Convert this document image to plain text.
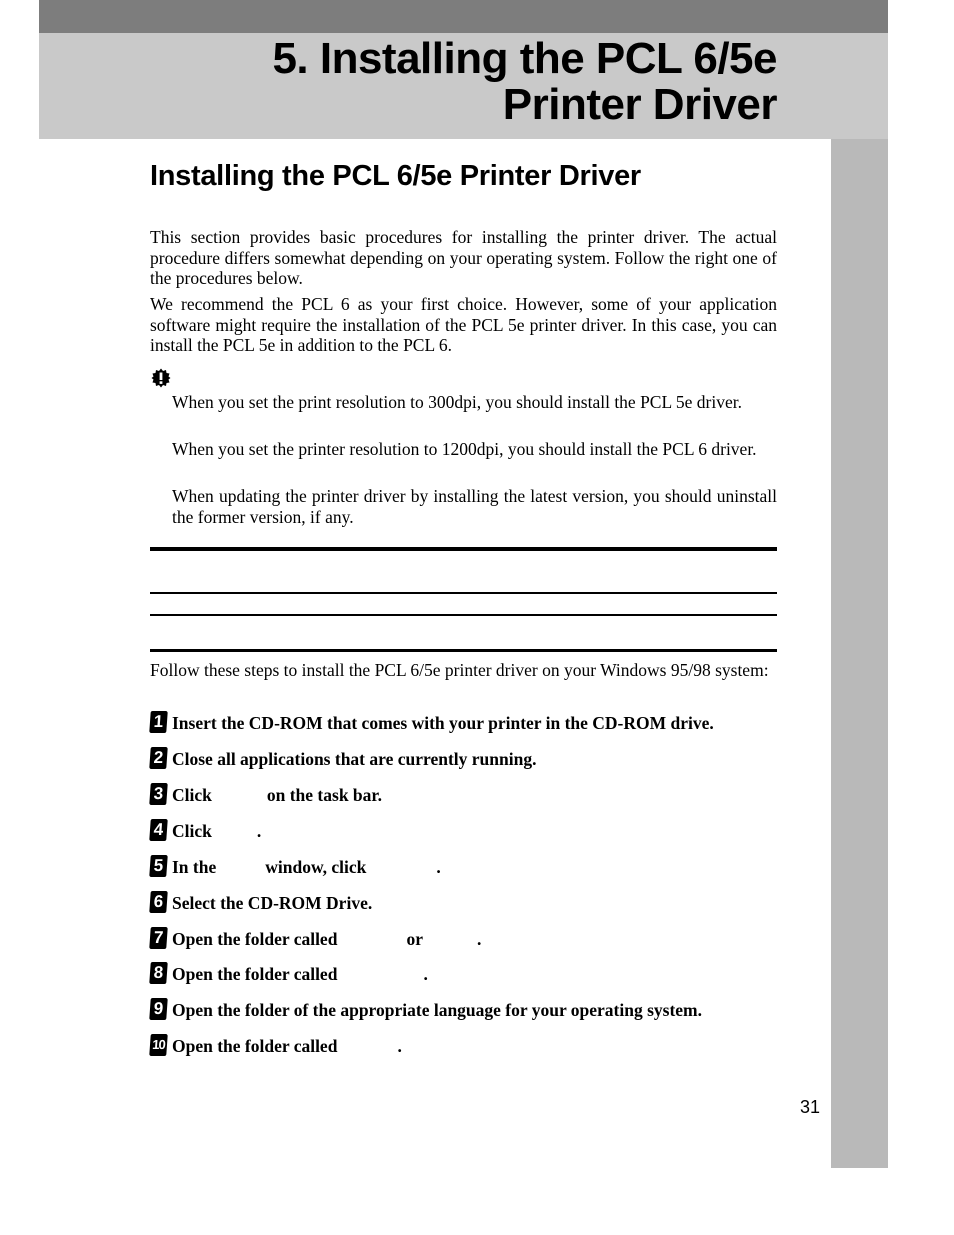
5. Installing the PCL 6/5e
Printer Driver
Installing the PCL 6/5e Printer Driver

This section provides basic procedures for installing the printer driver. The actual procedure differs somewhat depending on your operating system. Follow the right one of the procedures below.

We recommend the PCL 6 as your first choice. However, some of your application software might require the installation of the PCL 5e printer driver. In this case, you can install the PCL 5e in addition to the PCL 6.

When you set the print resolution to 300dpi, you should install the PCL 5e driver.

When you set the printer resolution to 1200dpi, you should install the PCL 6 driver.

When updating the printer driver by installing the latest version, you should uninstall the former version, if any.

Follow these steps to install the PCL 6/5e printer driver on your Windows 95/98 system:

1 Insert the CD-ROM that comes with your printer in the CD-ROM drive.
2 Close all applications that are currently running.
3 Click	on the task bar.
4 Click	.
5 In the	window, click	.
6 Select the CD-ROM Drive.
7 Open the folder called	or	.
8 Open the folder called	.
9 Open the folder of the appropriate language for your operating system.
10 Open the folder called	.
31
